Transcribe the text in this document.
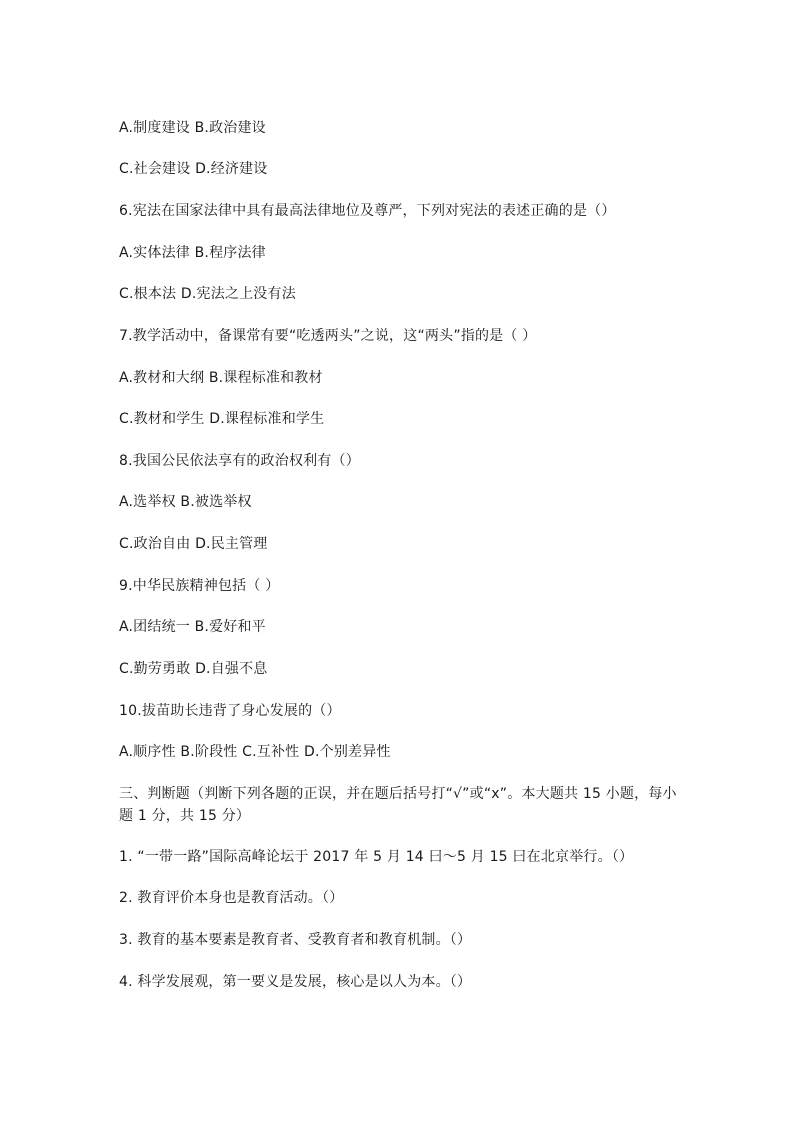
A.制度建设 B.政治建设
C.社会建设 D.经济建设
6.宪法在国家法律中具有最高法律地位及尊严，下列对宪法的表述正确的是（）
A.实体法律 B.程序法律
C.根本法 D.宪法之上没有法
7.教学活动中，备课常有要“吃透两头”之说，这“两头”指的是（ ）
A.教材和大纲 B.课程标准和教材
C.教材和学生 D.课程标准和学生
8.我国公民依法享有的政治权利有（）
A.选举权 B.被选举权
C.政治自由 D.民主管理
9.中华民族精神包括（ ）
A.团结统一 B.爱好和平
C.勤劳勇敢 D.自强不息
10.拔苗助长违背了身心发展的（）
A.顺序性 B.阶段性 C.互补性 D.个别差异性
三、判断题（判断下列各题的正误，并在题后括号打“√”或“x”。本大题共 15 小题，每小题 1 分，共 15 分）
1. “一带一路”国际高峰论坛于 2017 年 5 月 14 曰～5 月 15 曰在北京举行。（）
2. 教育评价本身也是教育活动。（）
3. 教育的基本要素是教育者、受教育者和教育机制。（）
4. 科学发展观，第一要义是发展，核心是以人为本。（）
